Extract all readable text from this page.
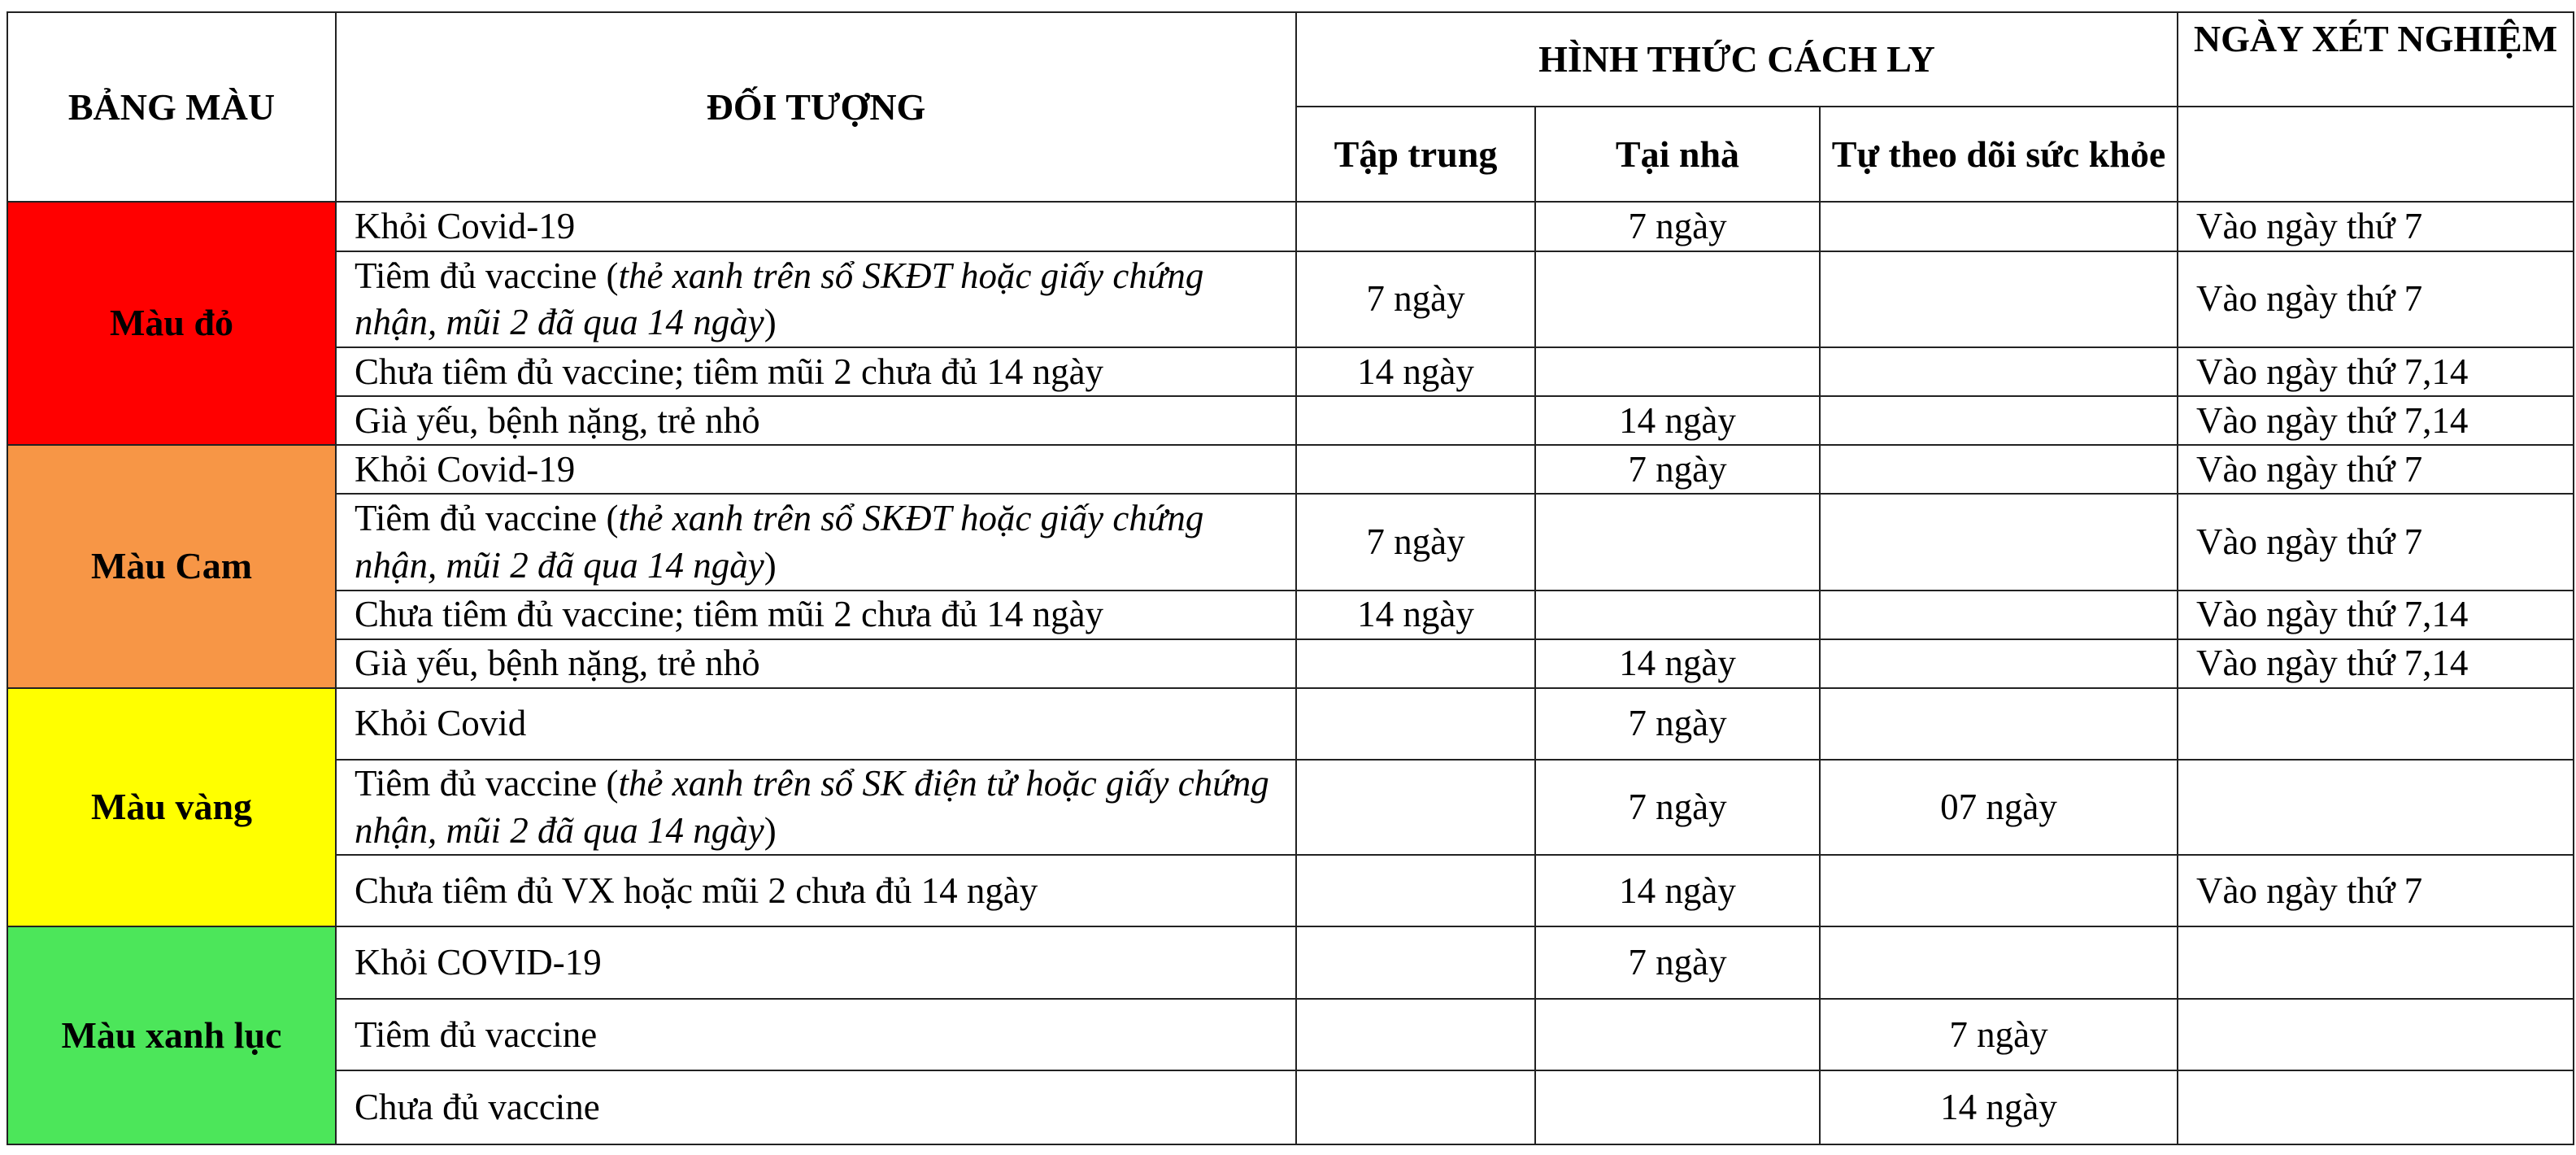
BẢNG MÀU	ĐỐI TƯỢNG	HÌNH THỨC CÁCH LY			NGÀY XÉT NGHIỆM
		Tập trung	Tại nhà	Tự theo dõi sức khỏe	
Màu đỏ	Khỏi Covid-19		7 ngày		Vào ngày thứ 7
	Tiêm đủ vaccine (thẻ xanh trên sổ SKĐT hoặc giấy chứng nhận, mũi 2 đã qua 14 ngày)	7 ngày			Vào ngày thứ 7
	Chưa tiêm đủ vaccine; tiêm mũi 2 chưa đủ 14 ngày	14 ngày			Vào ngày thứ 7,14
	Già yếu, bệnh nặng, trẻ nhỏ		14 ngày		Vào ngày thứ 7,14
Màu Cam	Khỏi Covid-19		7 ngày		Vào ngày thứ 7
	Tiêm đủ vaccine (thẻ xanh trên sổ SKĐT hoặc giấy chứng nhận, mũi 2 đã qua 14 ngày)	7 ngày			Vào ngày thứ 7
	Chưa tiêm đủ vaccine; tiêm mũi 2 chưa đủ 14 ngày	14 ngày			Vào ngày thứ 7,14
	Già yếu, bệnh nặng, trẻ nhỏ		14 ngày		Vào ngày thứ 7,14
Màu vàng	Khỏi Covid		7 ngày		
	Tiêm đủ vaccine (thẻ xanh trên sổ SK điện tử hoặc giấy chứng nhận, mũi 2 đã qua 14 ngày)		7 ngày	07 ngày	
	Chưa tiêm đủ VX hoặc mũi 2 chưa đủ 14 ngày		14 ngày		Vào ngày thứ 7
Màu xanh lục	Khỏi COVID-19		7 ngày		
	Tiêm đủ vaccine			7 ngày	
	Chưa đủ vaccine			14 ngày	
